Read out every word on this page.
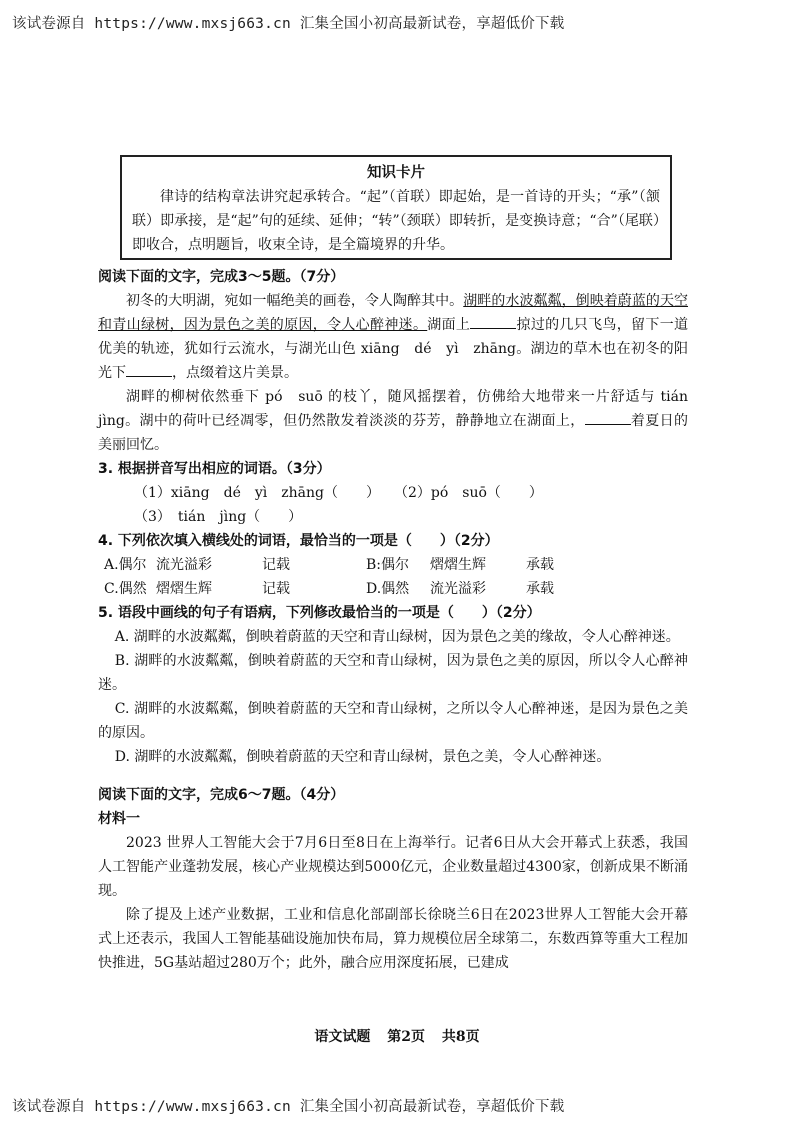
该试卷源自 https://www.mxsj663.cn 汇集全国小初高最新试卷，享超低价下载
知识卡片

律诗的结构章法讲究起承转合。“起”（首联）即起始，是一首诗的开头；“承”（颔联）即承接，是“起”句的延续、延伸；“转”（颈联）即转折，是变换诗意；“合”（尾联）即收合，点明题旨，收束全诗，是全篇境界的升华。

阅读下面的文字，完成3～5题。（7分）

初冬的大明湖，宛如一幅绝美的画卷，令人陶醉其中。湖畔的水波粼粼，倒映着蔚蓝的天空和青山绿树，因为景色之美的原因，令人心醉神迷。湖面上	掠过的几只飞鸟，留下一道优美的轨迹，犹如行云流水，与湖光山色 xiāng　dé　yì　zhāng。湖边的草木也在初冬的阳光下	，点缀着这片美景。

湖畔的柳树依然垂下 pó　suō 的枝丫，随风摇摆着，仿佛给大地带来一片舒适与 tián jìng。湖中的荷叶已经凋零，但仍然散发着淡淡的芬芳，静静地立在湖面上，	着夏日的美丽回忆。

3. 根据拼音写出相应的词语。（3分）

（1）xiāng　dé　yì　zhāng（　　） （2）pó　suō（　　）

（3）　tián　jìng（　　）

4. 下列依次填入横线处的词语，最恰当的一项是（　　）（2分）

A.偶尔 流光溢彩	记载	B:偶尔	熠熠生辉	承载

C.偶然 熠熠生辉	记载	D.偶然	流光溢彩	承载

5. 语段中画线的句子有语病，下列修改最恰当的一项是（　　）（2分）

A. 湖畔的水波粼粼，倒映着蔚蓝的天空和青山绿树，因为景色之美的缘故，令人心醉神迷。

B. 湖畔的水波粼粼，倒映着蔚蓝的天空和青山绿树，因为景色之美的原因，所以令人心醉神迷。

C. 湖畔的水波粼粼，倒映着蔚蓝的天空和青山绿树，之所以令人心醉神迷，是因为景色之美的原因。

D. 湖畔的水波粼粼，倒映着蔚蓝的天空和青山绿树，景色之美，令人心醉神迷。

阅读下面的文字，完成6～7题。（4分）

材料一

2023 世界人工智能大会于7月6日至8日在上海举行。记者6日从大会开幕式上获悉，我国人工智能产业蓬勃发展，核心产业规模达到5000亿元，企业数量超过4300家，创新成果不断涌现。

除了提及上述产业数据，工业和信息化部副部长徐晓兰6日在2023世界人工智能大会开幕式上还表示，我国人工智能基础设施加快布局，算力规模位居全球第二，东数西算等重大工程加快推进，5G基站超过280万个；此外，融合应用深度拓展，已建成

语文试题 第2页 共8页
该试卷源自 https://www.mxsj663.cn 汇集全国小初高最新试卷，享超低价下载
